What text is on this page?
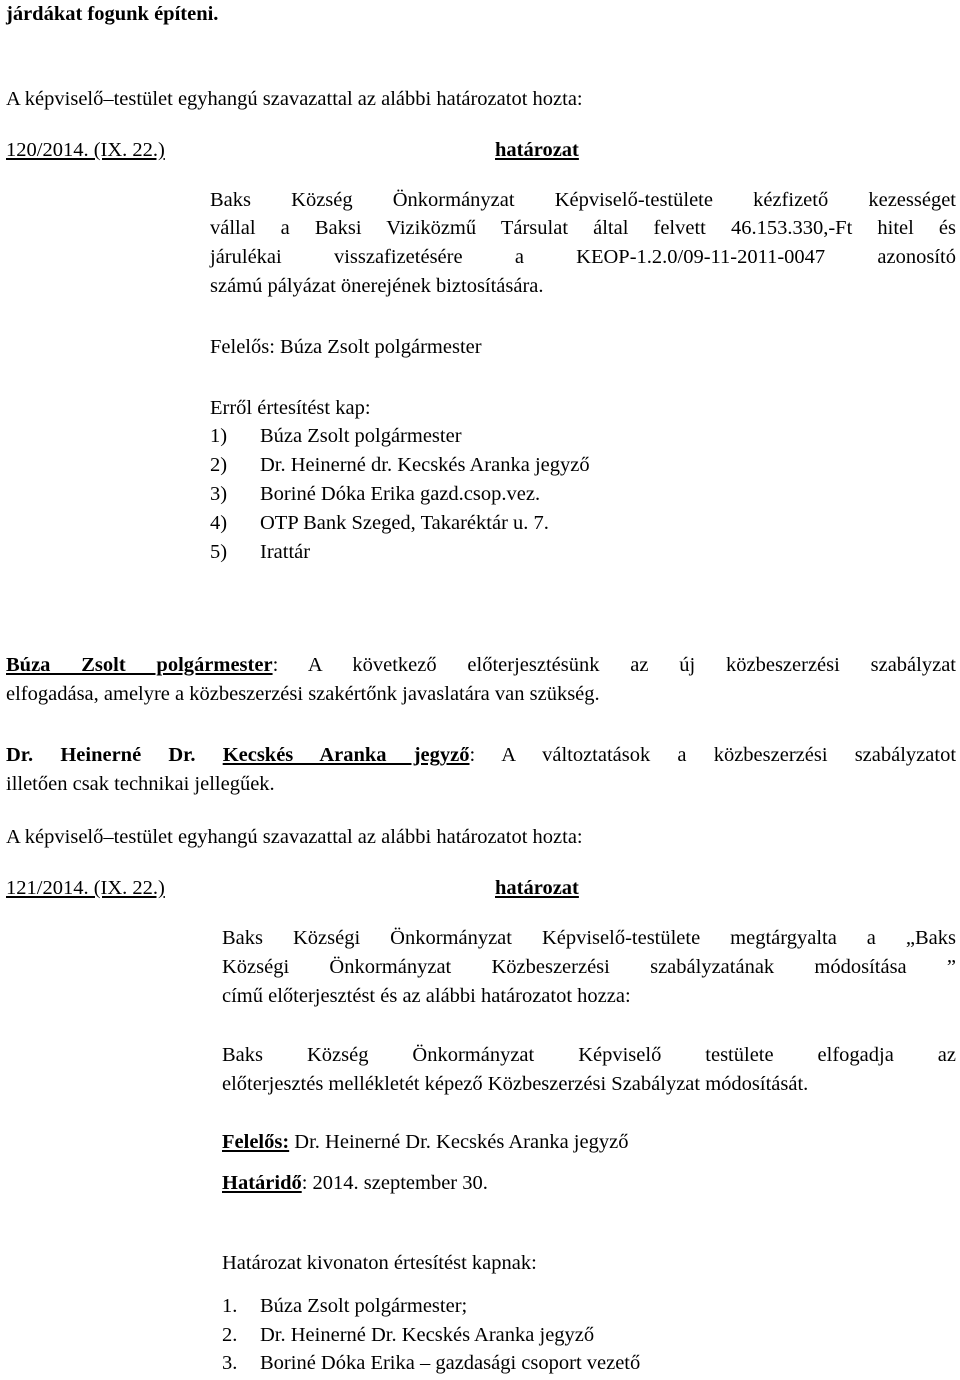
járdákat fogunk építeni.
A képviselő–testület egyhangú szavazattal az alábbi határozatot hozta:
120/2014. (IX. 22.)	határozat
Baks Község Önkormányzat Képviselő-testülete kézfizető kezességet
vállal a Baksi Viziközmű Társulat által felvett 46.153.330,-Ft hitel és
járulékai visszafizetésére a KEOP-1.2.0/09-11-2011-0047 azonosító
számú pályázat önerejének biztosítására.
Felelős: Búza Zsolt polgármester
Erről értesítést kap:
1) Búza Zsolt polgármester
2) Dr. Heinerné dr. Kecskés Aranka jegyző
3) Boriné Dóka Erika gazd.csop.vez.
4) OTP Bank Szeged, Takaréktár u. 7.
5) Irattár
Búza Zsolt polgármester: A következő előterjesztésünk az új közbeszerzési szabályzat
elfogadása, amelyre a közbeszerzési szakértőnk javaslatára van szükség.
Dr. Heinerné Dr. Kecskés Aranka jegyző: A változtatások a közbeszerzési szabályzatot
illetően csak technikai jellegűek.
A képviselő–testület egyhangú szavazattal az alábbi határozatot hozta:
121/2014. (IX. 22.)	határozat
Baks Községi Önkormányzat Képviselő-testülete megtárgyalta a „Baks
Községi Önkormányzat Közbeszerzési szabályzatának módosítása ”
című előterjesztést és az alábbi határozatot hozza:
Baks Község Önkormányzat Képviselő testülete elfogadja az
előterjesztés mellékletét képező Közbeszerzési Szabályzat módosítását.
Felelős: Dr. Heinerné Dr. Kecskés Aranka jegyző
Határidő: 2014. szeptember 30.
Határozat kivonaton értesítést kapnak:
1. Búza Zsolt polgármester;
2. Dr. Heinerné Dr. Kecskés Aranka jegyző
3. Boriné Dóka Erika – gazdasági csoport vezető
